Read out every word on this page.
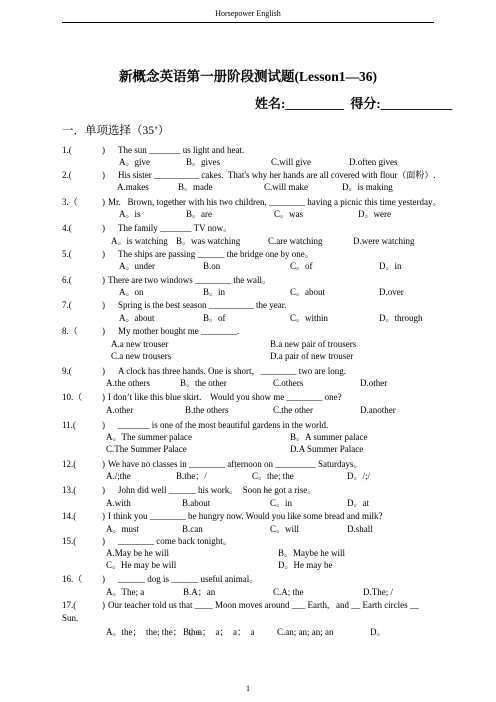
Horsepower English
新概念英语第一册阶段测试题(Lesson1—36)
姓名:_________  得分:___________
一．单项选择（35’）
1.(	) The sun _______ us light and heat.
A。give	B。gives	C.will give	D.often gives
2.(	) His sister __________ cakes.  That's why her hands are all covered with flour（面粉）.
A.makes	B。made	C.will make	D。is making
3.（	) Mr.   Brown, together with his two children, ________ having a picnic this time yesterday。
A。is	B。are	C。was	D。were
4.(	) The family _______ TV now。
A。is watching B。was watching	C.are watching	D.were watching
5.(	) The ships are passing ______ the bridge one by one。
A。under	B.on	C。of	D。in
6.(	) There are two windows ________ the wall。
A。on	B。in	C。about	D.over
7.(	) Spring is the best season __________ the year.
A。about	B。of	C。within	D。through
8.（	) My mother bought me ________.
A.a new trouser	B.a new pair of trousers
C.a new trousers	D.a pair of new trouser
9.(	) A clock has three hands. One is short，________ two are long.
A.the others	B。the other	C.others	D.other
10.（ ) I don’t like this blue skirt.    Would you show me ________ one?
A.other	B.the others	C.the other	D.another
11.(	) _______ is one of the most beautiful gardens in the world.
A。The summer palace	B。A summer palace
C.The Summer Palace	D.A Summer Palace
12.(	) We have no classes in ________ afternoon on _________ Saturdays。
A./;the	B.the；/	C。the; the	D。/;/
13.(	) John did well ______ his work。  Soon he got a rise。
A.with	B.about	C。in	D。at
14.(	) I think you ________ be hungry now. Would you like some bread and milk?
A。must	B.can	C。will	D.shall
15.(	) ________ come back tonight。
A.May be he will	B。Maybe he will
C。He may be will	D。He may be
16.（ ) ______ dog is ______ useful animal。
A。The; a	B.A；an	C.A; the	D.The; /
17.(	) Our teacher told us that ____ Moon moves around ___ Earth,   and __ Earth circles __
Sun.
A。the；  the; the；   the
B。a；  a；  a；  a	C.an; an; an; an	D。
1
